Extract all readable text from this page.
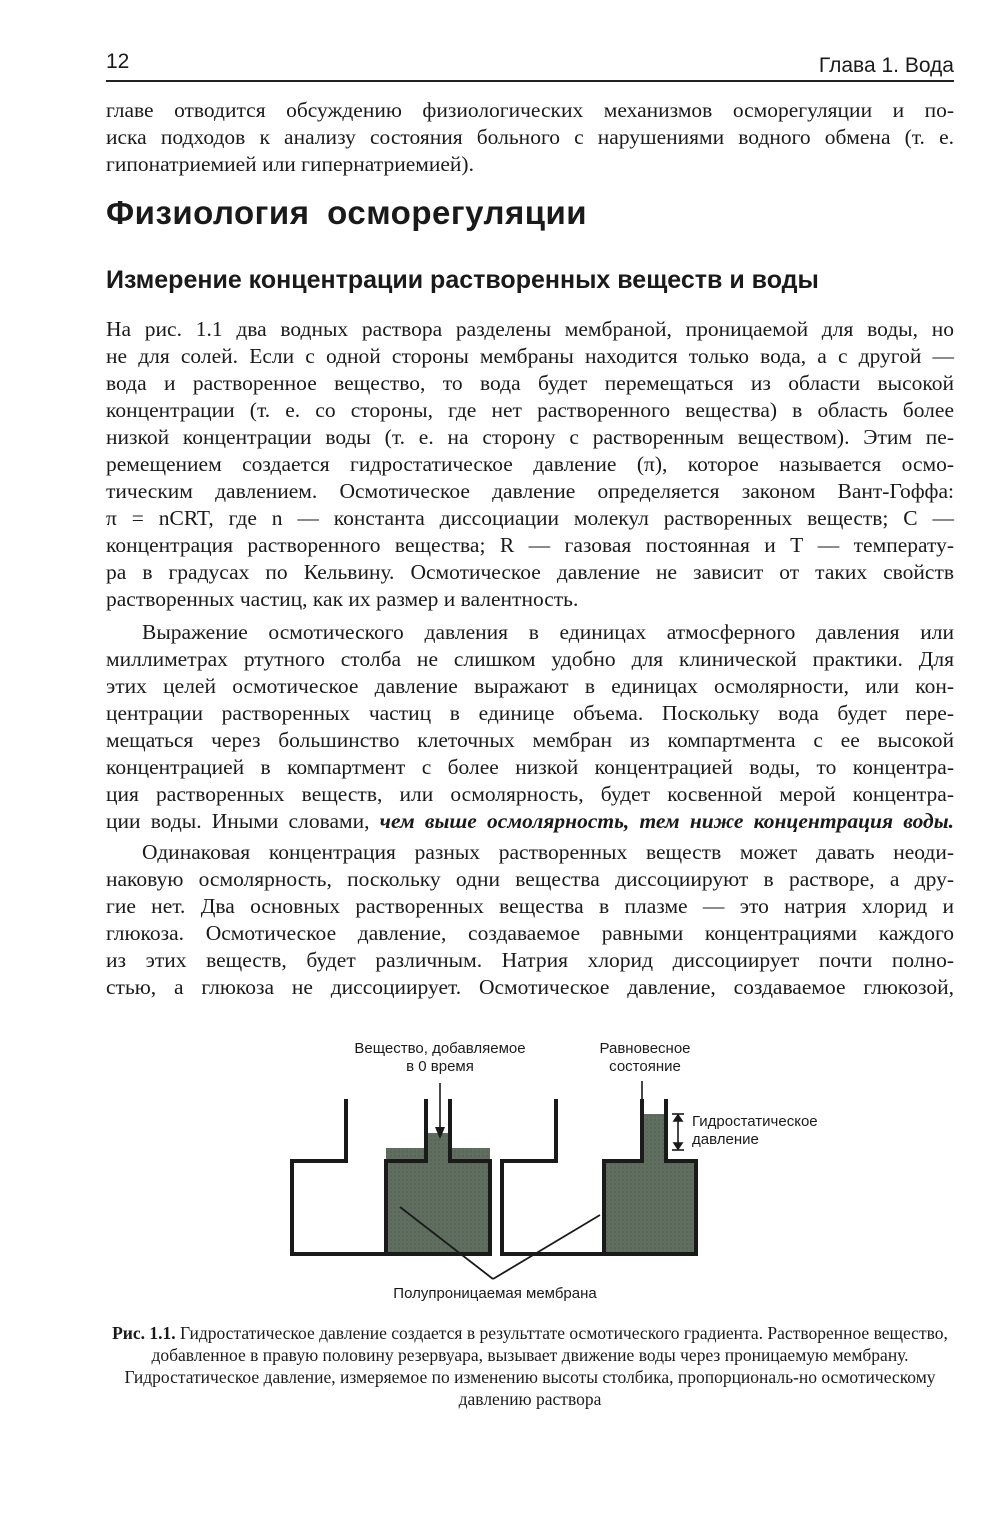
12	Глава 1. Вода
главе отводится обсуждению физиологических механизмов осморегуляции и по-
иска подходов к анализу состояния больного с нарушениями водного обмена (т. е.
гипонатриемией или гипернатриемией).
Физиология осморегуляции
Измерение концентрации растворенных веществ и воды
На рис. 1.1 два водных раствора разделены мембраной, проницаемой для воды, но
не для солей. Если с одной стороны мембраны находится только вода, а с другой —
вода и растворенное вещество, то вода будет перемещаться из области высокой
концентрации (т. е. со стороны, где нет растворенного вещества) в область более
низкой концентрации воды (т. е. на сторону с растворенным веществом). Этим пе-
ремещением создается гидростатическое давление (π), которое называется осмо-
тическим давлением. Осмотическое давление определяется законом Вант-Гоффа:
π = nCRT, где n — константа диссоциации молекул растворенных веществ; С —
концентрация растворенного вещества; R — газовая постоянная и Т — температу-
ра в градусах по Кельвину. Осмотическое давление не зависит от таких свойств
растворенных частиц, как их размер и валентность.
Выражение осмотического давления в единицах атмосферного давления или
миллиметрах ртутного столба не слишком удобно для клинической практики. Для
этих целей осмотическое давление выражают в единицах осмолярности, или кон-
центрации растворенных частиц в единице объема. Поскольку вода будет пере-
мещаться через большинство клеточных мембран из компартмента с ее высокой
концентрацией в компартмент с более низкой концентрацией воды, то концентра-
ция растворенных веществ, или осмолярность, будет косвенной мерой концентра-
ции воды. Иными словами, чем выше осмолярность, тем ниже концентрация воды.
Одинаковая концентрация разных растворенных веществ может давать неоди-
наковую осмолярность, поскольку одни вещества диссоциируют в растворе, а дру-
гие нет. Два основных растворенных вещества в плазме — это натрия хлорид и
глюкоза. Осмотическое давление, создаваемое равными концентрациями каждого
из этих веществ, будет различным. Натрия хлорид диссоциирует почти полно-
стью, а глюкоза не диссоциирует. Осмотическое давление, создаваемое глюкозой,
Вещество, добавляемое
в 0 время
Равновесное
состояние
Гидростатическое
давление
Полупроницаемая мембрана
Рис. 1.1. Гидростатическое давление создается в результтате осмотического градиента. Растворенное вещество, добавленное в правую половину резервуара, вызывает движение воды через проницаемую мембрану. Гидростатическое давление, измеряемое по изменению высоты столбика, пропорциональ-но осмотическому давлению раствора
